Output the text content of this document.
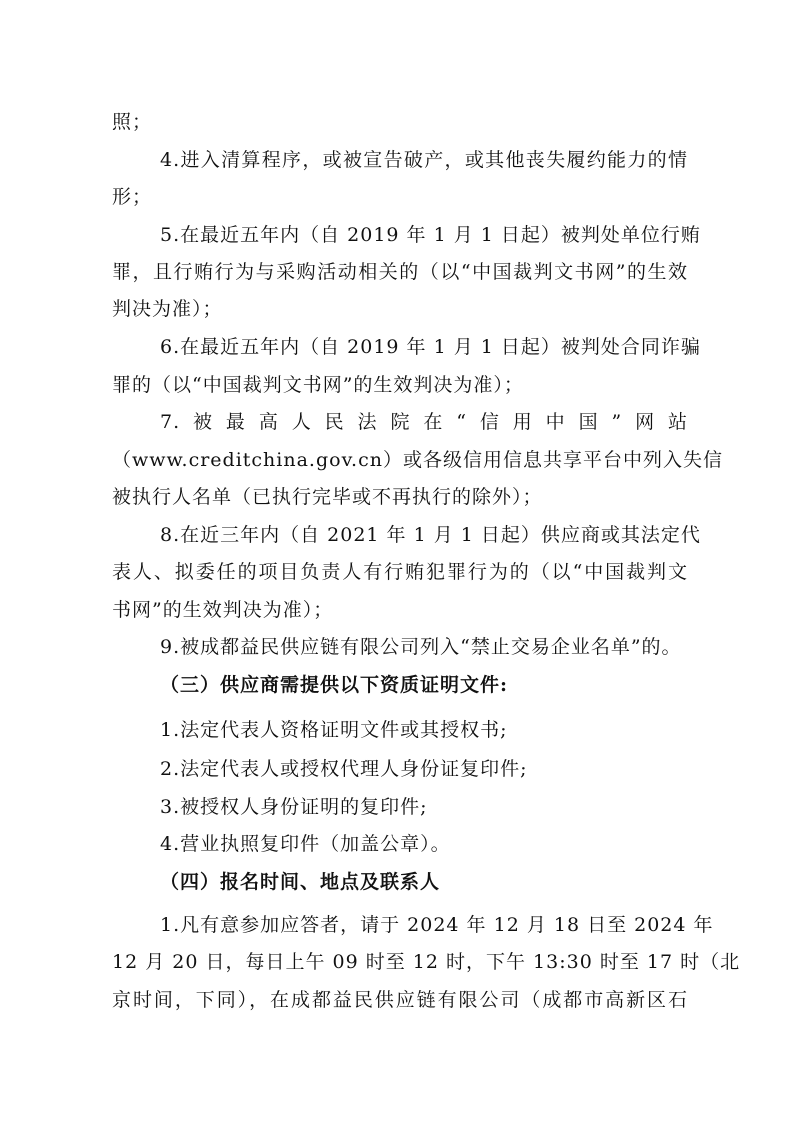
照；
4.进入清算程序，或被宣告破产，或其他丧失履约能力的情
形；
5.在最近五年内（自 2019 年 1 月 1 日起）被判处单位行贿
罪，且行贿行为与采购活动相关的（以“中国裁判文书网”的生效
判决为准）；
6.在最近五年内（自 2019 年 1 月 1 日起）被判处合同诈骗
罪的（以“中国裁判文书网”的生效判决为准）；
7.被最高人民法院在“信用中国”网站
（www.creditchina.gov.cn）或各级信用信息共享平台中列入失信
被执行人名单（已执行完毕或不再执行的除外）；
8.在近三年内（自 2021 年 1 月 1 日起）供应商或其法定代
表人、拟委任的项目负责人有行贿犯罪行为的（以“中国裁判文
书网”的生效判决为准）；
9.被成都益民供应链有限公司列入“禁止交易企业名单”的。
（三）供应商需提供以下资质证明文件:
1.法定代表人资格证明文件或其授权书;
2.法定代表人或授权代理人身份证复印件;
3.被授权人身份证明的复印件;
4.营业执照复印件（加盖公章）。
（四）报名时间、地点及联系人
1.凡有意参加应答者，请于 2024 年 12 月 18 日至 2024 年
12 月 20 日，每日上午 09 时至 12 时，下午 13:30 时至 17 时（北
京时间，下同），在成都益民供应链有限公司（成都市高新区石
